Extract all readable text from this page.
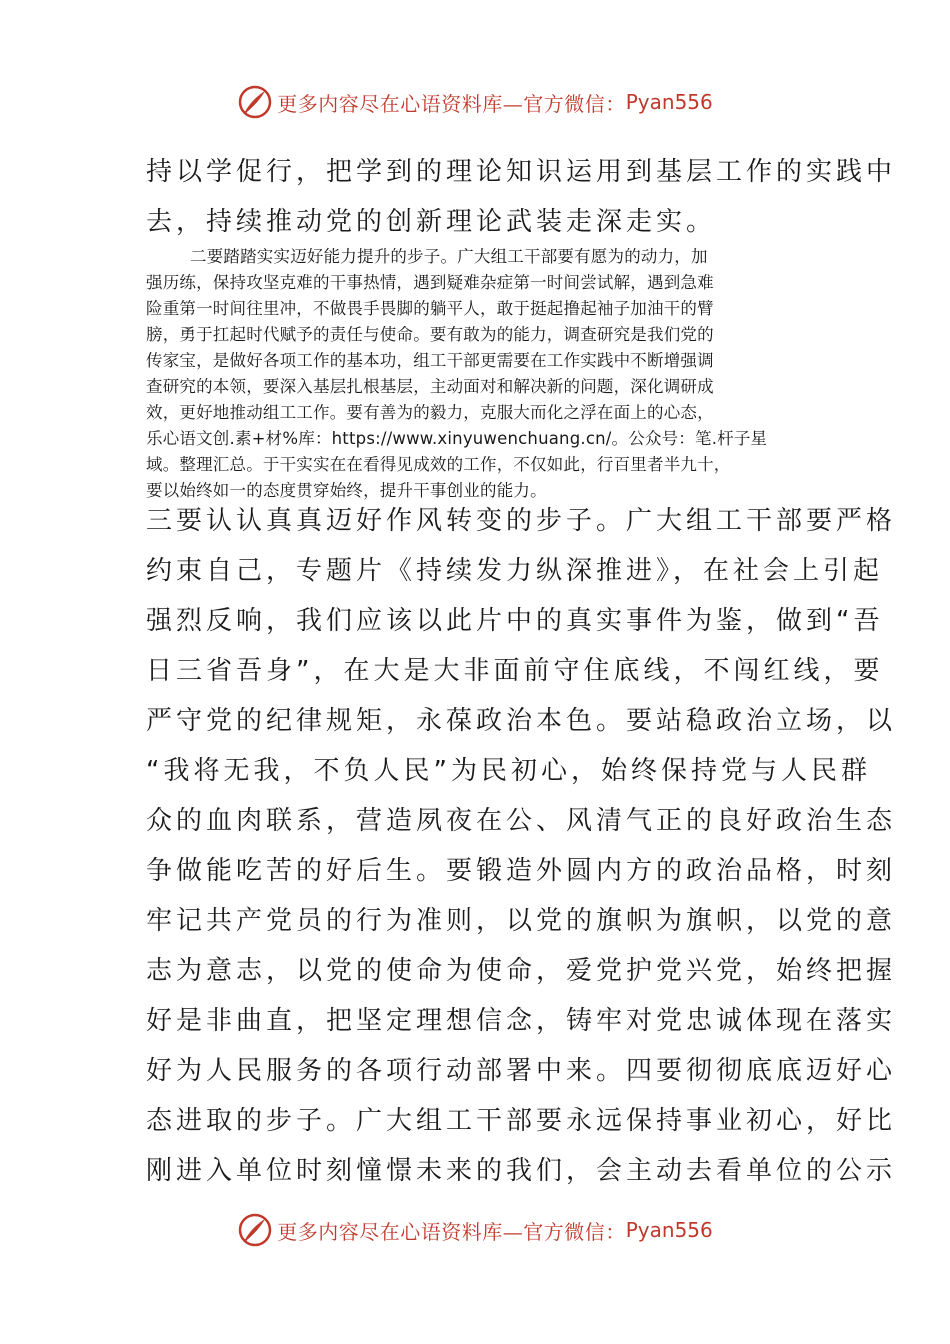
更多内容尽在心语资料库—官方微信： Pyan556
持以学促行，把学到的理论知识运用到基层工作的实践中
去，持续推动党的创新理论武装走深走实。
二要踏踏实实迈好能力提升的步子。广大组工干部要有愿为的动力，加
强历练，保持攻坚克难的干事热情，遇到疑难杂症第一时间尝试解，遇到急难
险重第一时间往里冲，不做畏手畏脚的躺平人，敢于挺起撸起袖子加油干的臂
膀，勇于扛起时代赋予的责任与使命。要有敢为的能力，调查研究是我们党的
传家宝，是做好各项工作的基本功，组工干部更需要在工作实践中不断增强调
查研究的本领，要深入基层扎根基层，主动面对和解决新的问题，深化调研成
效，更好地推动组工工作。要有善为的毅力，克服大而化之浮在面上的心态，
乐心语文创.素+材%库：https://www.xinyuwenchuang.cn/。公众号：笔.杆子星
域。整理汇总。于干实实在在看得见成效的工作，不仅如此，行百里者半九十，
要以始终如一的态度贯穿始终，提升干事创业的能力。
三要认认真真迈好作风转变的步子。广大组工干部要严格
约束自己，专题片《持续发力纵深推进》，在社会上引起
强烈反响，我们应该以此片中的真实事件为鉴，做到“吾
日三省吾身”，在大是大非面前守住底线，不闯红线，要
严守党的纪律规矩，永葆政治本色。要站稳政治立场，以
“我将无我，不负人民”为民初心，始终保持党与人民群
众的血肉联系，营造夙夜在公、风清气正的良好政治生态
争做能吃苦的好后生。要锻造外圆内方的政治品格，时刻
牢记共产党员的行为准则，以党的旗帜为旗帜，以党的意
志为意志，以党的使命为使命，爱党护党兴党，始终把握
好是非曲直，把坚定理想信念，铸牢对党忠诚体现在落实
好为人民服务的各项行动部署中来。四要彻彻底底迈好心
态进取的步子。广大组工干部要永远保持事业初心，好比
刚进入单位时刻憧憬未来的我们，会主动去看单位的公示
更多内容尽在心语资料库—官方微信： Pyan556
